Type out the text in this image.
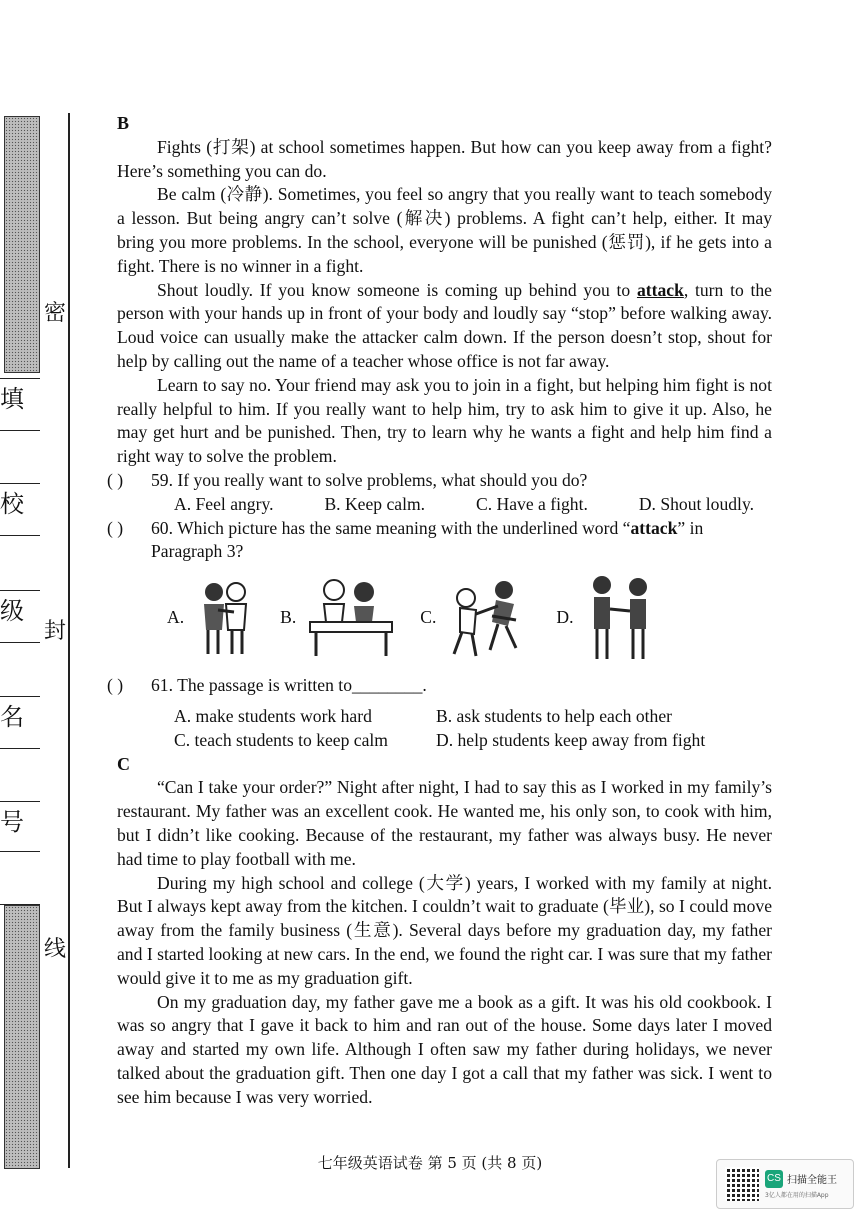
填
校
级
名
号
密
封
线

B

Fights (打架) at school sometimes happen. But how can you keep away from a fight? Here’s something you can do.

Be calm (冷静). Sometimes, you feel so angry that you really want to teach somebody a lesson. But being angry can’t solve (解决) problems. A fight can’t help, either. It may bring you more problems. In the school, everyone will be punished (惩罚), if he gets into a fight. There is no winner in a fight.

Shout loudly. If you know someone is coming up behind you to attack, turn to the person with your hands up in front of your body and loudly say “stop” before walking away. Loud voice can usually make the attacker calm down. If the person doesn’t stop, shout for help by calling out the name of a teacher whose office is not far away.

Learn to say no. Your friend may ask you to join in a fight, but helping him fight is not really helpful to him. If you really want to help him, try to ask him to give it up. Also, he may get hurt and be punished. Then, try to learn why he wants a fight and help him find a right way to solve the problem.

( )	59. If you really want to solve problems, what should you do?
A. Feel angry.	B. Keep calm.	C. Have a fight.	D. Shout loudly.
( )	60. Which picture has the same meaning with the underlined word “attack” in Paragraph 3?
A.	B.	C.	D.
( )	61. The passage is written to________.
A. make students work hard	B. ask students to help each other
C. teach students to keep calm	D. help students keep away from fight

C

“Can I take your order?” Night after night, I had to say this as I worked in my family’s restaurant. My father was an excellent cook. He wanted me, his only son, to cook with him, but I didn’t like cooking. Because of the restaurant, my father was always busy. He never had time to play football with me.

During my high school and college (大学) years, I worked with my family at night. But I always kept away from the kitchen. I couldn’t wait to graduate (毕业), so I could move away from the family business (生意). Several days before my graduation day, my father and I started looking at new cars. In the end, we found the right car. I was sure that my father would give it to me as my graduation gift.

On my graduation day, my father gave me a book as a gift. It was his old cookbook. I was so angry that I gave it back to him and ran out of the house. Some days later I moved away and started my own life. Although I often saw my father during holidays, we never talked about the graduation gift. Then one day I got a call that my father was sick. I went to see him because I was very worried.

七年级英语试卷 第 5 页 (共 8 页)
CS 扫描全能王
3亿人都在用的扫描App
